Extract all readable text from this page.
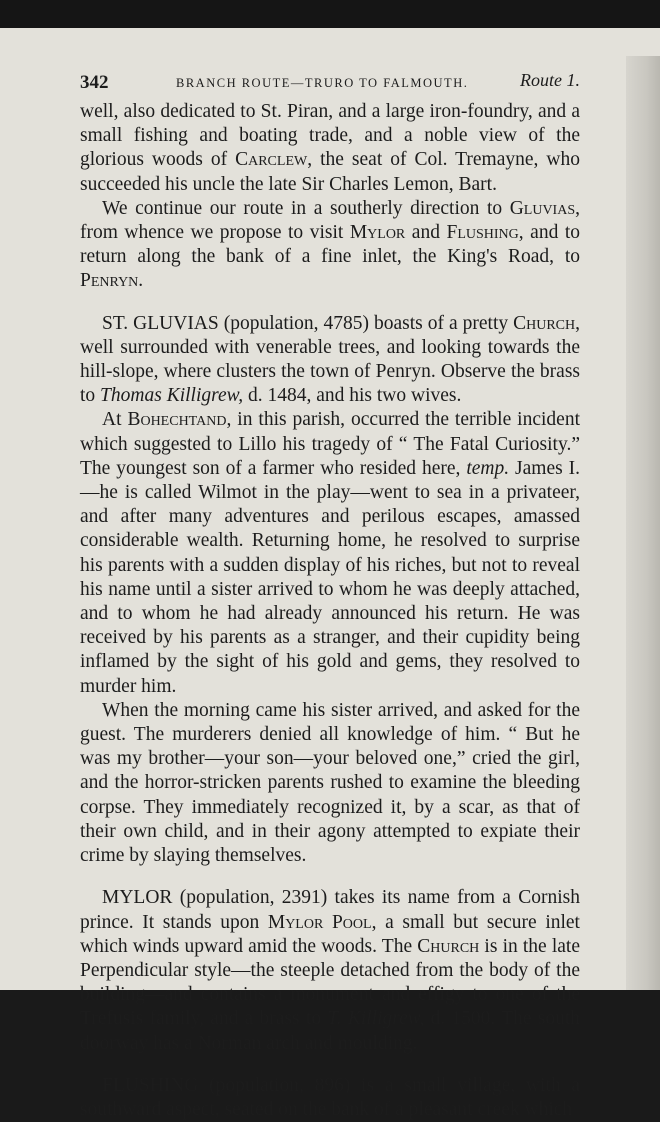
342	BRANCH ROUTE—TRURO TO FALMOUTH.	Route 1.

well, also dedicated to St. Piran, and a large iron-foundry, and a small fishing and boating trade, and a noble view of the glorious woods of Carclew, the seat of Col. Tremayne, who succeeded his uncle the late Sir Charles Lemon, Bart.

We continue our route in a southerly direction to Gluvias, from whence we propose to visit Mylor and Flushing, and to return along the bank of a fine inlet, the King's Road, to Penryn.

ST. GLUVIAS (population, 4785) boasts of a pretty Church, well surrounded with venerable trees, and looking towards the hill-slope, where clusters the town of Penryn. Observe the brass to Thomas Killigrew, d. 1484, and his two wives.

At Bohechtand, in this parish, occurred the terrible incident which suggested to Lillo his tragedy of “ The Fatal Curiosity.” The youngest son of a farmer who resided here, temp. James I.—he is called Wilmot in the play—went to sea in a privateer, and after many adventures and perilous escapes, amassed considerable wealth. Returning home, he resolved to surprise his parents with a sudden display of his riches, but not to reveal his name until a sister arrived to whom he was deeply attached, and to whom he had already announced his return. He was received by his parents as a stranger, and their cupidity being inflamed by the sight of his gold and gems, they resolved to murder him.

When the morning came his sister arrived, and asked for the guest. The murderers denied all knowledge of him. “ But he was my brother—your son—your beloved one,” cried the girl, and the horror-stricken parents rushed to examine the bleeding corpse. They immediately recognized it, by a scar, as that of their own child, and in their agony attempted to expiate their crime by slaying themselves.

MYLOR (population, 2391) takes its name from a Cornish prince. It stands upon Mylor Pool, a small but secure inlet which winds upward amid the woods. The Church is in the late Perpendicular style—the steeple detached from the body of the building—and contains a monument and effigy to one of the Trefusis family, and a brass to T. Killigrew, d. 1500. The south doorway has a Norman arch and moulding.

FLUSHING (population, 896) is a small village, with a southward aspect, seated on the bank of a pleasant creek which
